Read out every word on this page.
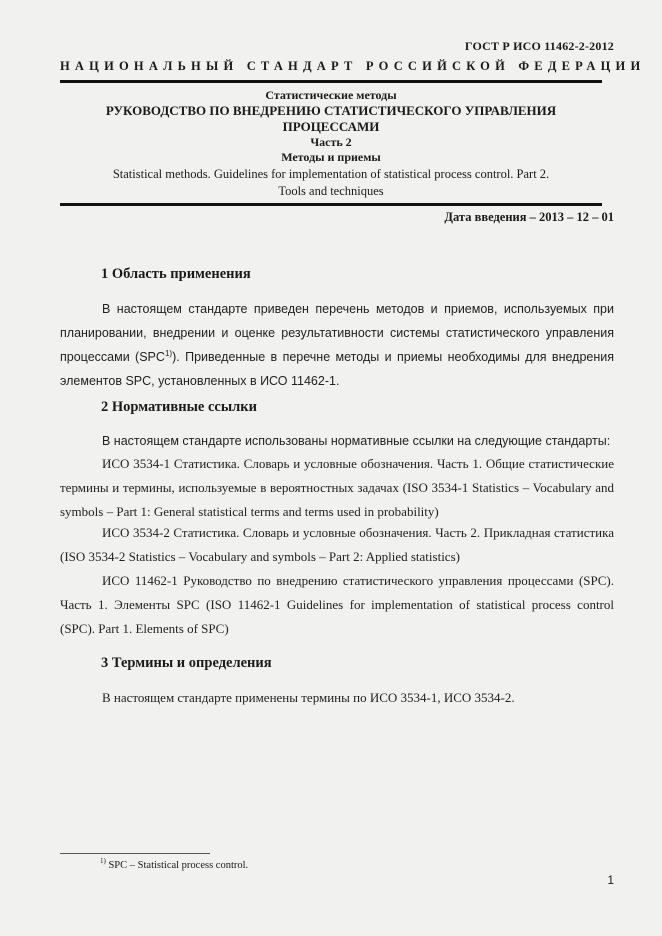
ГОСТ Р ИСО 11462-2-2012
НАЦИОНАЛЬНЫЙ СТАНДАРТ РОССИЙСКОЙ ФЕДЕРАЦИИ
Статистические методы
РУКОВОДСТВО ПО ВНЕДРЕНИЮ СТАТИСТИЧЕСКОГО УПРАВЛЕНИЯ
ПРОЦЕССАМИ
Часть 2
Методы и приемы
Statistical methods. Guidelines for implementation of statistical process control. Part 2.
Tools and techniques
Дата введения – 2013 – 12 – 01
1 Область применения
В настоящем стандарте приведен перечень методов и приемов, используемых при планировании, внедрении и оценке результативности системы статистического управления процессами (SPC$^{1)}$). Приведенные в перечне методы и приемы необходимы для внедрения элементов SPC, установленных в ИСО 11462-1.
2 Нормативные ссылки
В настоящем стандарте использованы нормативные ссылки на следующие стандарты:
ИСО 3534-1 Статистика. Словарь и условные обозначения. Часть 1. Общие статистические термины и термины, используемые в вероятностных задачах (ISO 3534-1 Statistics – Vocabulary and symbols – Part 1: General statistical terms and terms used in probability)
ИСО 3534-2 Статистика. Словарь и условные обозначения. Часть 2. Прикладная статистика (ISO 3534-2 Statistics – Vocabulary and symbols – Part 2: Applied statistics)
ИСО 11462-1 Руководство по внедрению статистического управления процессами (SPC). Часть 1. Элементы SPC (ISO 11462-1 Guidelines for implementation of statistical process control (SPC). Part 1. Elements of SPC)
3 Термины и определения
В настоящем стандарте применены термины по ИСО 3534-1, ИСО 3534-2.
$^{1)}$ SPC – Statistical process control.
1
